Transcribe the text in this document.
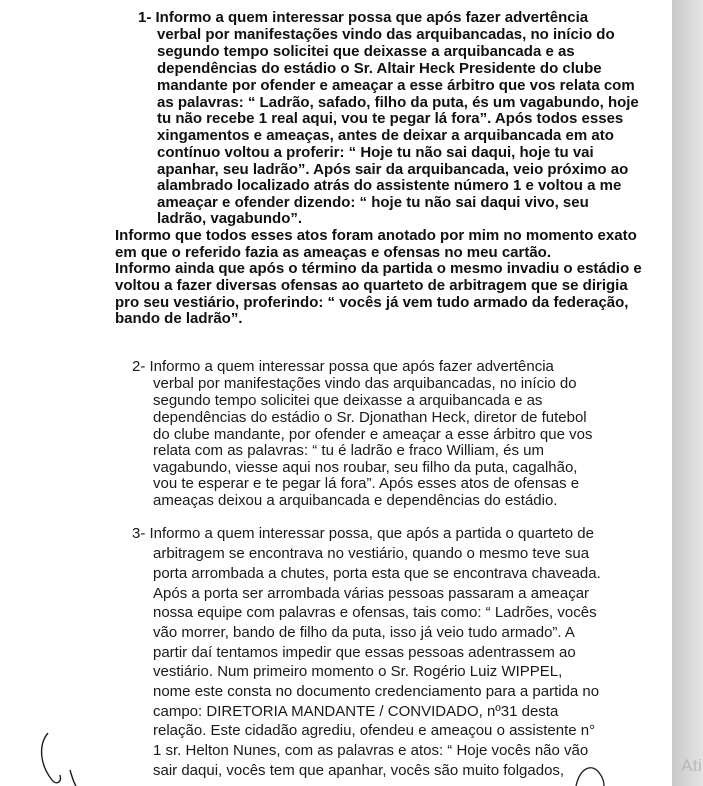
1- Informo a quem interessar possa que após fazer advertência
verbal por manifestações vindo das arquibancadas, no início do
segundo tempo solicitei que deixasse a arquibancada e as
dependências do estádio o Sr. Altair Heck Presidente do clube
mandante por ofender e ameaçar a esse árbitro que vos relata com
as palavras: “ Ladrão, safado, filho da puta, és um vagabundo, hoje
tu não recebe 1 real aqui, vou te pegar lá fora”. Após todos esses
xingamentos e ameaças, antes de deixar a arquibancada em ato
contínuo voltou a proferir: “ Hoje tu não sai daqui, hoje tu vai
apanhar, seu ladrão”. Após sair da arquibancada, veio próximo ao
alambrado localizado atrás do assistente número 1 e voltou a me
ameaçar e ofender dizendo: “ hoje tu não sai daqui vivo, seu
ladrão, vagabundo”.
Informo que todos esses atos foram anotado por mim no momento exato
em que o referido fazia as ameaças e ofensas no meu cartão.
Informo ainda que após o término da partida o mesmo invadiu o estádio e
voltou a fazer diversas ofensas ao quarteto de arbitragem que se dirigia
pro seu vestiário, proferindo: “ vocês já vem tudo armado da federação,
bando de ladrão”.
2- Informo a quem interessar possa que após fazer advertência
verbal por manifestações vindo das arquibancadas, no início do
segundo tempo solicitei que deixasse a arquibancada e as
dependências do estádio o Sr. Djonathan Heck, diretor de futebol
do clube mandante, por ofender e ameaçar a esse árbitro que vos
relata com as palavras: “ tu é ladrão e fraco William, és um
vagabundo, viesse aqui nos roubar, seu filho da puta, cagalhão,
vou te esperar e te pegar lá fora”. Após esses atos de ofensas e
ameaças deixou a arquibancada e dependências do estádio.
3- Informo a quem interessar possa, que após a partida o quarteto de
arbitragem se encontrava no vestiário, quando o mesmo teve sua
porta arrombada a chutes, porta esta que se encontrava chaveada.
Após a porta ser arrombada várias pessoas passaram a ameaçar
nossa equipe com palavras e ofensas, tais como: “ Ladrões, vocês
vão morrer, bando de filho da puta, isso já veio tudo armado”. A
partir daí tentamos impedir que essas pessoas adentrassem ao
vestiário. Num primeiro momento o Sr. Rogério Luiz WIPPEL,
nome este consta no documento credenciamento para a partida no
campo: DIRETORIA MANDANTE / CONVIDADO, nº31 desta
relação. Este cidadão agrediu, ofendeu e ameaçou o assistente n°
1 sr. Helton Nunes, com as palavras e atos: “ Hoje vocês não vão
sair daqui, vocês tem que apanhar, vocês são muito folgados,	Ati
